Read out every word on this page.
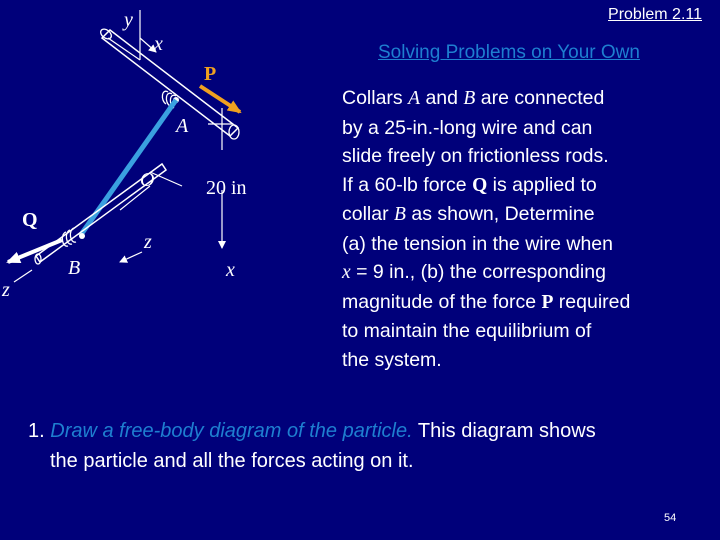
Problem 2.11
Solving Problems on Your Own
y
x
P
A
O	20 in
Q
z
B	x
z
Collars A and B are connected
by a 25-in.-long wire and can
slide freely on frictionless rods.
If a 60-lb force Q is applied to
collar B as shown, Determine
(a) the tension in the wire when
x = 9 in., (b) the corresponding
magnitude of the force P required
to maintain the equilibrium of
the system.
1. Draw a free-body diagram of the particle. This diagram shows
the particle and all the forces acting on it.
54
